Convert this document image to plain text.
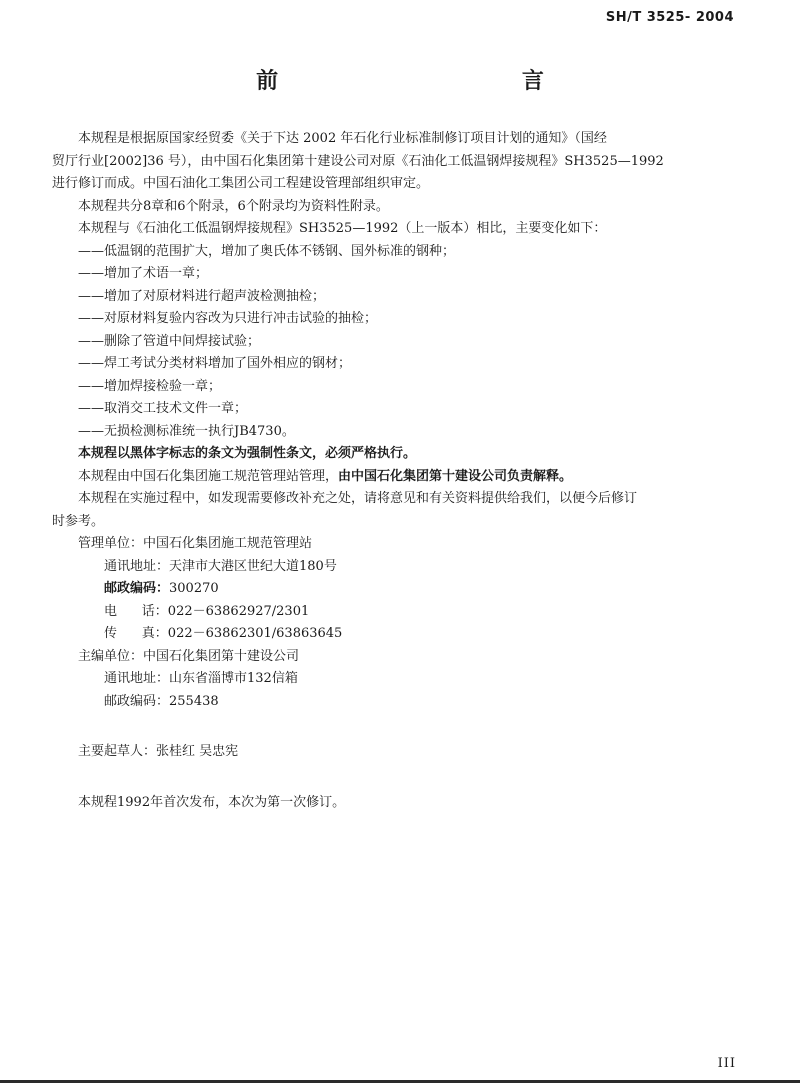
SH/T 3525- 2004
前 言

本规程是根据原国家经贸委《关于下达 2002 年石化行业标准制修订项目计划的通知》（国经

贸厅行业[2002]36 号），由中国石化集团第十建设公司对原《石油化工低温钢焊接规程》SH3525—1992

进行修订而成。中国石油化工集团公司工程建设管理部组织审定。

本规程共分8章和6个附录，6个附录均为资料性附录。

本规程与《石油化工低温钢焊接规程》SH3525—1992（上一版本）相比，主要变化如下：

——低温钢的范围扩大，增加了奥氏体不锈钢、国外标准的钢种；

——增加了术语一章；

——增加了对原材料进行超声波检测抽检；

——对原材料复验内容改为只进行冲击试验的抽检；

——删除了管道中间焊接试验；

——焊工考试分类材料增加了国外相应的钢材；

——增加焊接检验一章；

——取消交工技术文件一章；

——无损检测标准统一执行JB4730。

本规程以黑体字标志的条文为强制性条文，必须严格执行。

本规程由中国石化集团施工规范管理站管理，由中国石化集团第十建设公司负责解释。

本规程在实施过程中，如发现需要修改补充之处，请将意见和有关资料提供给我们，以便今后修订

时参考。

管理单位： 中国石化集团施工规范管理站
通讯地址： 天津市大港区世纪大道180号
邮政编码： 300270
电      话： 022－63862927/2301
传      真： 022－63862301/63863645
主编单位： 中国石化集团第十建设公司
通讯地址： 山东省淄博市132信箱
邮政编码： 255438

主要起草人：张桂红 吴忠宪

本规程1992年首次发布，本次为第一次修订。

III
